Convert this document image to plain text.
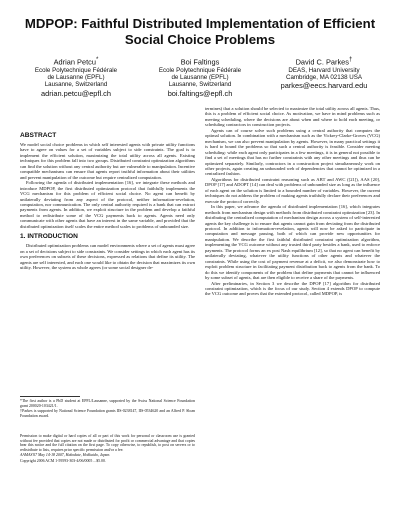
MDPOP: Faithful Distributed Implementation of Efficient Social Choice Problems
Adrian Petcu*
Ecole Polytechnique Fédérale
de Lausanne (EPFL)
Lausanne, Switzerland
adrian.petcu@epfl.ch
Boi Faltings
Ecole Polytechnique Fédérale
de Lausanne (EPFL)
Lausanne, Switzerland
boi.faltings@epfl.ch
David C. Parkes†
DEAS, Harvard University
Cambridge, MA 02138 USA
parkes@eecs.harvard.edu
ABSTRACT

We model social choice problems in which self interested agents with private utility functions have to agree on values for a set of variables subject to side constraints. The goal is to implement the efficient solution, maximizing the total utility across all agents. Existing techniques for this problem fall into two groups. Distributed constraint optimization algorithms can find the solution without any central authority but are vulnerable to manipulation. Incentive compatible mechanisms can ensure that agents report truthful information about their utilities and prevent manipulation of the outcome but require centralized computation.

Following the agenda of distributed implementation [16], we integrate these methods and introduce MDPOP, the first distributed optimization protocol that faithfully implements the VCG mechanism for this problem of efficient social choice. No agent can benefit by unilaterally deviating from any aspect of the protocol, neither information-revelation, computation, nor communication. The only central authority required is a bank that can extract payments from agents. In addition, we exploit structure in the problem and develop a faithful method to redistribute some of the VCG payments back to agents. Agents need only communicate with other agents that have an interest in the same variable, and provided that the distributed optimization itself scales the entire method scales to problems of unbounded size.

1. INTRODUCTION

Distributed optimization problems can model environments where a set of agents must agree on a set of decisions subject to side constraints. We consider settings in which each agent has its own preferences on subsets of these decisions, expressed as relations that define its utility. The agents are self interested, and each one would like to obtain the decision that maximizes its own utility. However, the system as whole agrees (or some social designer de-

*The first author is a PhD student at EPFL/Lausanne, supported by the Swiss National Science Foundation grant 200020-103421/1.

†Parkes is supported by National Science Foundation grants IIS-0238147, IIS-0534620 and an Alfred P. Sloan Foundation award.

Permission to make digital or hard copies of all or part of this work for personal or classroom use is granted without fee provided that copies are not made or distributed for profit or commercial advantage and that copies bear this notice and the full citation on the first page. To copy otherwise, to republish, to post on servers or to redistribute to lists, requires prior specific permission and/or a fee.

AAMAS'07 May 14-18 2007, Hakodate, Hokkaido, Japan.

Copyright 2006 ACM 1-59593-303-4/06/0005 ...$5.00.

termines) that a solution should be selected to maximize the total utility across all agents. Thus, this is a problem of efficient social choice. As motivation, we have in mind problems such as meeting scheduling, where the decisions are about when and where to hold each meeting, or scheduling contractors in construction projects.

Agents can of course solve such problems using a central authority that computes the optimal solution. In combination with a mechanism such as the Vickrey-Clarke-Groves (VCG) mechanism, we can also prevent manipulation by agents. However, in many practical settings it is hard to bound the problems so that such a central authority is feasible. Consider meeting scheduling: while each agent only participates in a few meetings, it is in general not possible to find a set of meetings that has no further constraints with any other meetings and thus can be optimized separately. Similarly, contractors in a construction project simultaneously work on other projects, again creating an unbounded web of dependencies that cannot be optimized in a centralized fashion.

Algorithms for distributed constraint reasoning such as ABT and AWC ([21]), AAS [20], DPOP [17] and ADOPT [14] can deal with problems of unbounded size as long as the influence of each agent on the solution is limited to a bounded number of variables. However, the current techniques do not address the problem of making agents truthfully declare their preferences and execute the protocol correctly.

In this paper, we advance the agenda of distributed implementation [16], which integrates methods from mechanism design with methods from distributed constraint optimization [23]. In distributing the centralized computation of mechanism design across a system of self-interested agents the key challenge is to ensure that agents cannot gain from deviating from the distributed protocol. In addition to information-revelation, agents will now be asked to participate in computation and message passing, both of which can provide new opportunities for manipulation. We describe the first faithful distributed constraint optimization algorithm, implementing the VCG outcome without any trusted third party besides a bank, used to enforce payments. The protocol forms an ex post Nash equilibrium [12], so that no agent can benefit by unilaterally deviating, whatever the utility functions of other agents and whatever the constraints. While using the cost of payment revenue at a deficit, we also demonstrate how to exploit problem structure in facilitating payment distribution back to agents from the bank. To do this we identify components of the problem that define payments that cannot be influenced by some subset of agents, that are then eligible to receive a share of the payments.

After preliminaries, in Section 3 we describe the DPOP [17] algorithm for distributed constraint optimization, which is the focus of our study. Section 4 extends DPOP to compute the VCG outcome and proves that the extended protocol, called MDPOP, is
